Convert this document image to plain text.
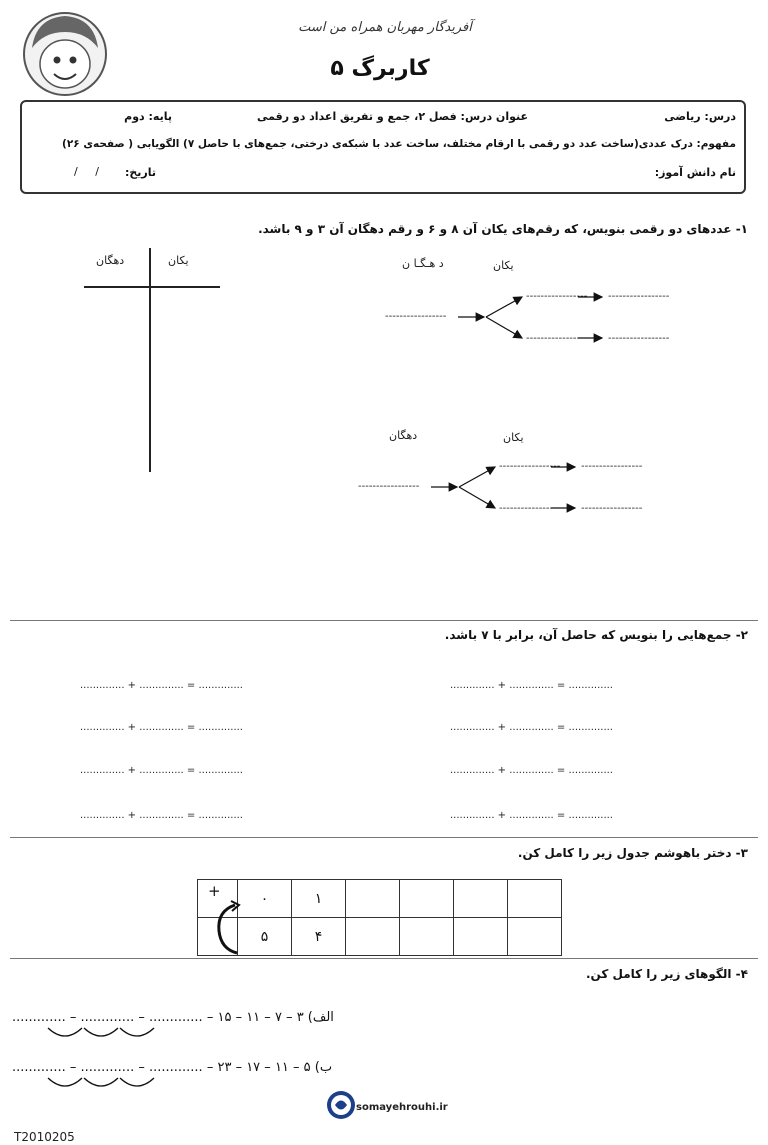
آفریدگار مهربان همراه من است
کاربرگ ۵
درس: ریاضی
عنوان درس: فصل ۲، جمع و تفریق اعداد دو رقمی
پایه: دوم
مفهوم: درک عددی(ساخت عدد دو رقمی با ارقام مختلف، ساخت عدد با شبکه‌ی درختی، جمع‌های با حاصل ۷) الگویابی ( صفحه‌ی ۲۶)
نام دانش آموز:
تاریخ:
/     /
۱- عددهای دو رقمی بنویس، که رقم‌های یکان آن ۸ و ۶ و رقم دهگان آن ۳ و ۹ باشد.
یکان
دهگان	د هـگـا ن	یکان
-----------------
----------------- -----------------
----------------- -----------------
دهگان	یکان
-----------------
----------------- -----------------
----------------- -----------------
۲- جمع‌هایی را بنویس که حاصل آن، برابر با ۷ باشد.
.............. + .............. = ..............	.............. + .............. = ..............
.............. + .............. = ..............	.............. + .............. = ..............
.............. + .............. = ..............	.............. + .............. = ..............
.............. + .............. = ..............	.............. + .............. = ..............
۳- دختر باهوشم جدول زیر را کامل کن.
+	۰	۱				
	۵	۴				
۴- الگوهای زیر را کامل کن.
الف) ۳ – ۷ – ۱۱ – ۱۵ – ............. – ............. – .............
ب) ۵ – ۱۱ – ۱۷ – ۲۳ – ............. – ............. – .............
somayehrouhi.ir
T2010205
